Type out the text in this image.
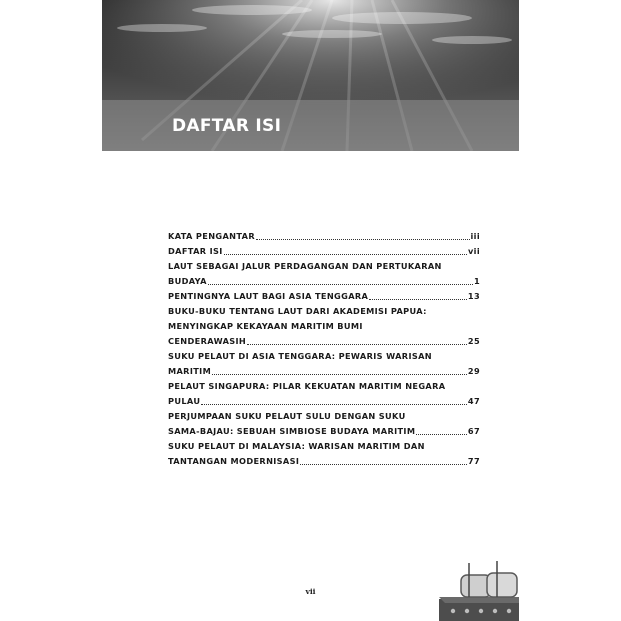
DAFTAR ISI
KATA PENGANTAR	iii
DAFTAR ISI	vii
LAUT SEBAGAI JALUR PERDAGANGAN DAN PERTUKARAN
BUDAYA	1
PENTINGNYA LAUT BAGI ASIA TENGGARA	13
BUKU-BUKU TENTANG LAUT DARI AKADEMISI PAPUA:
MENYINGKAP KEKAYAAN MARITIM BUMI
CENDERAWASIH	25
SUKU PELAUT DI ASIA TENGGARA: PEWARIS WARISAN
MARITIM	29
PELAUT SINGAPURA: PILAR KEKUATAN MARITIM NEGARA
PULAU	47
PERJUMPAAN SUKU PELAUT SULU DENGAN SUKU
SAMA-BAJAU: SEBUAH SIMBIOSE BUDAYA MARITIM	67
SUKU PELAUT DI MALAYSIA: WARISAN MARITIM DAN
TANTANGAN MODERNISASI	77
vii
